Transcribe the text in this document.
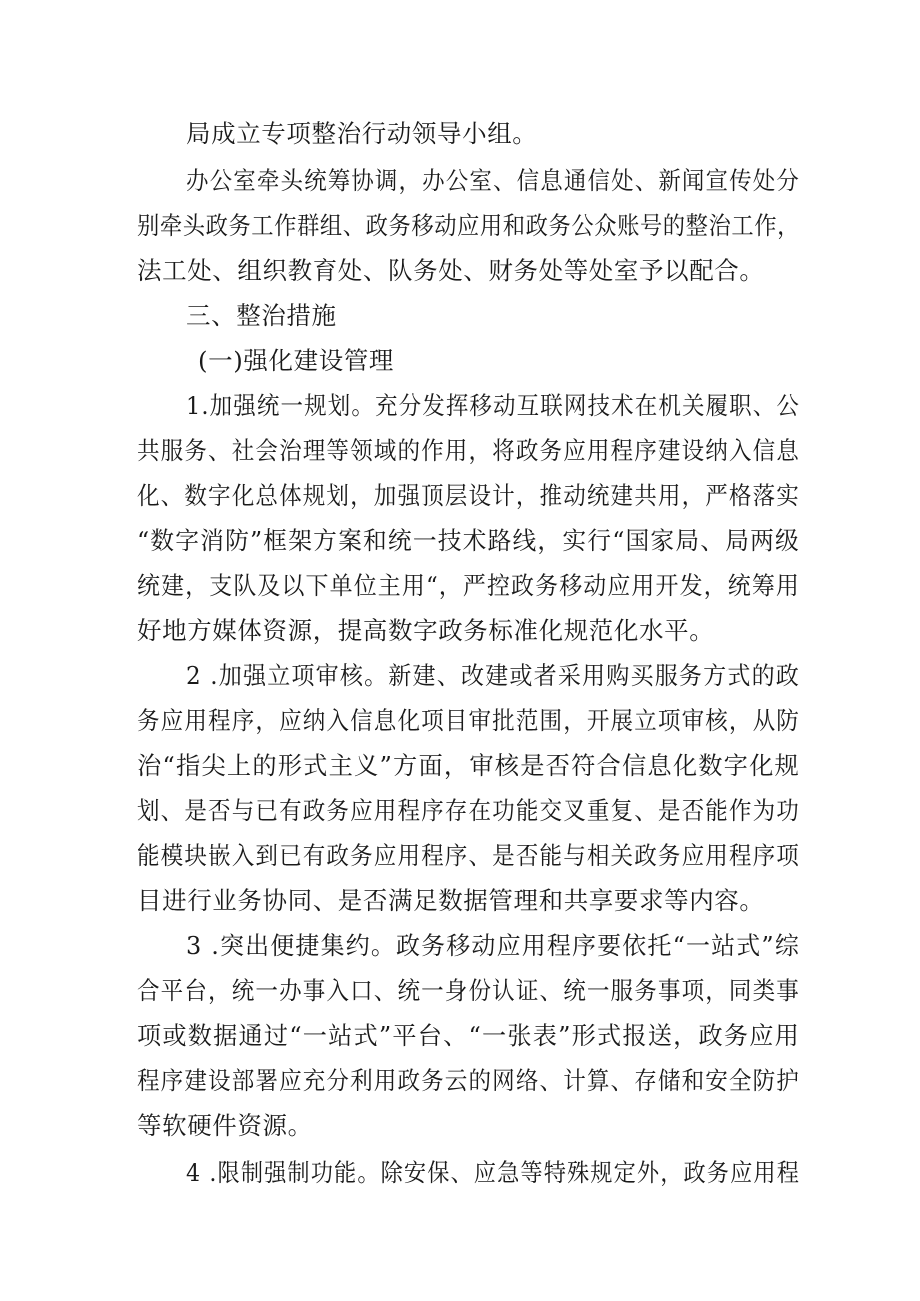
局成立专项整治行动领导小组。
办公室牵头统筹协调，办公室、信息通信处、新闻宣传处分
别牵头政务工作群组、政务移动应用和政务公众账号的整治工作，
法工处、组织教育处、队务处、财务处等处室予以配合。
三、整治措施
(一)强化建设管理
1.加强统一规划。充分发挥移动互联网技术在机关履职、公
共服务、社会治理等领域的作用，将政务应用程序建设纳入信息
化、数字化总体规划，加强顶层设计，推动统建共用，严格落实
“数字消防”框架方案和统一技术路线，实行“国家局、局两级
统建，支队及以下单位主用“，严控政务移动应用开发，统筹用
好地方媒体资源，提高数字政务标准化规范化水平。
2 .加强立项审核。新建、改建或者采用购买服务方式的政
务应用程序，应纳入信息化项目审批范围，开展立项审核，从防
治“指尖上的形式主义”方面，审核是否符合信息化数字化规
划、是否与已有政务应用程序存在功能交叉重复、是否能作为功
能模块嵌入到已有政务应用程序、是否能与相关政务应用程序项
目进行业务协同、是否满足数据管理和共享要求等内容。
3 .突出便捷集约。政务移动应用程序要依托“一站式”综
合平台，统一办事入口、统一身份认证、统一服务事项，同类事
项或数据通过“一站式”平台、“一张表”形式报送，政务应用
程序建设部署应充分利用政务云的网络、计算、存储和安全防护
等软硬件资源。
4 .限制强制功能。除安保、应急等特殊规定外，政务应用程
